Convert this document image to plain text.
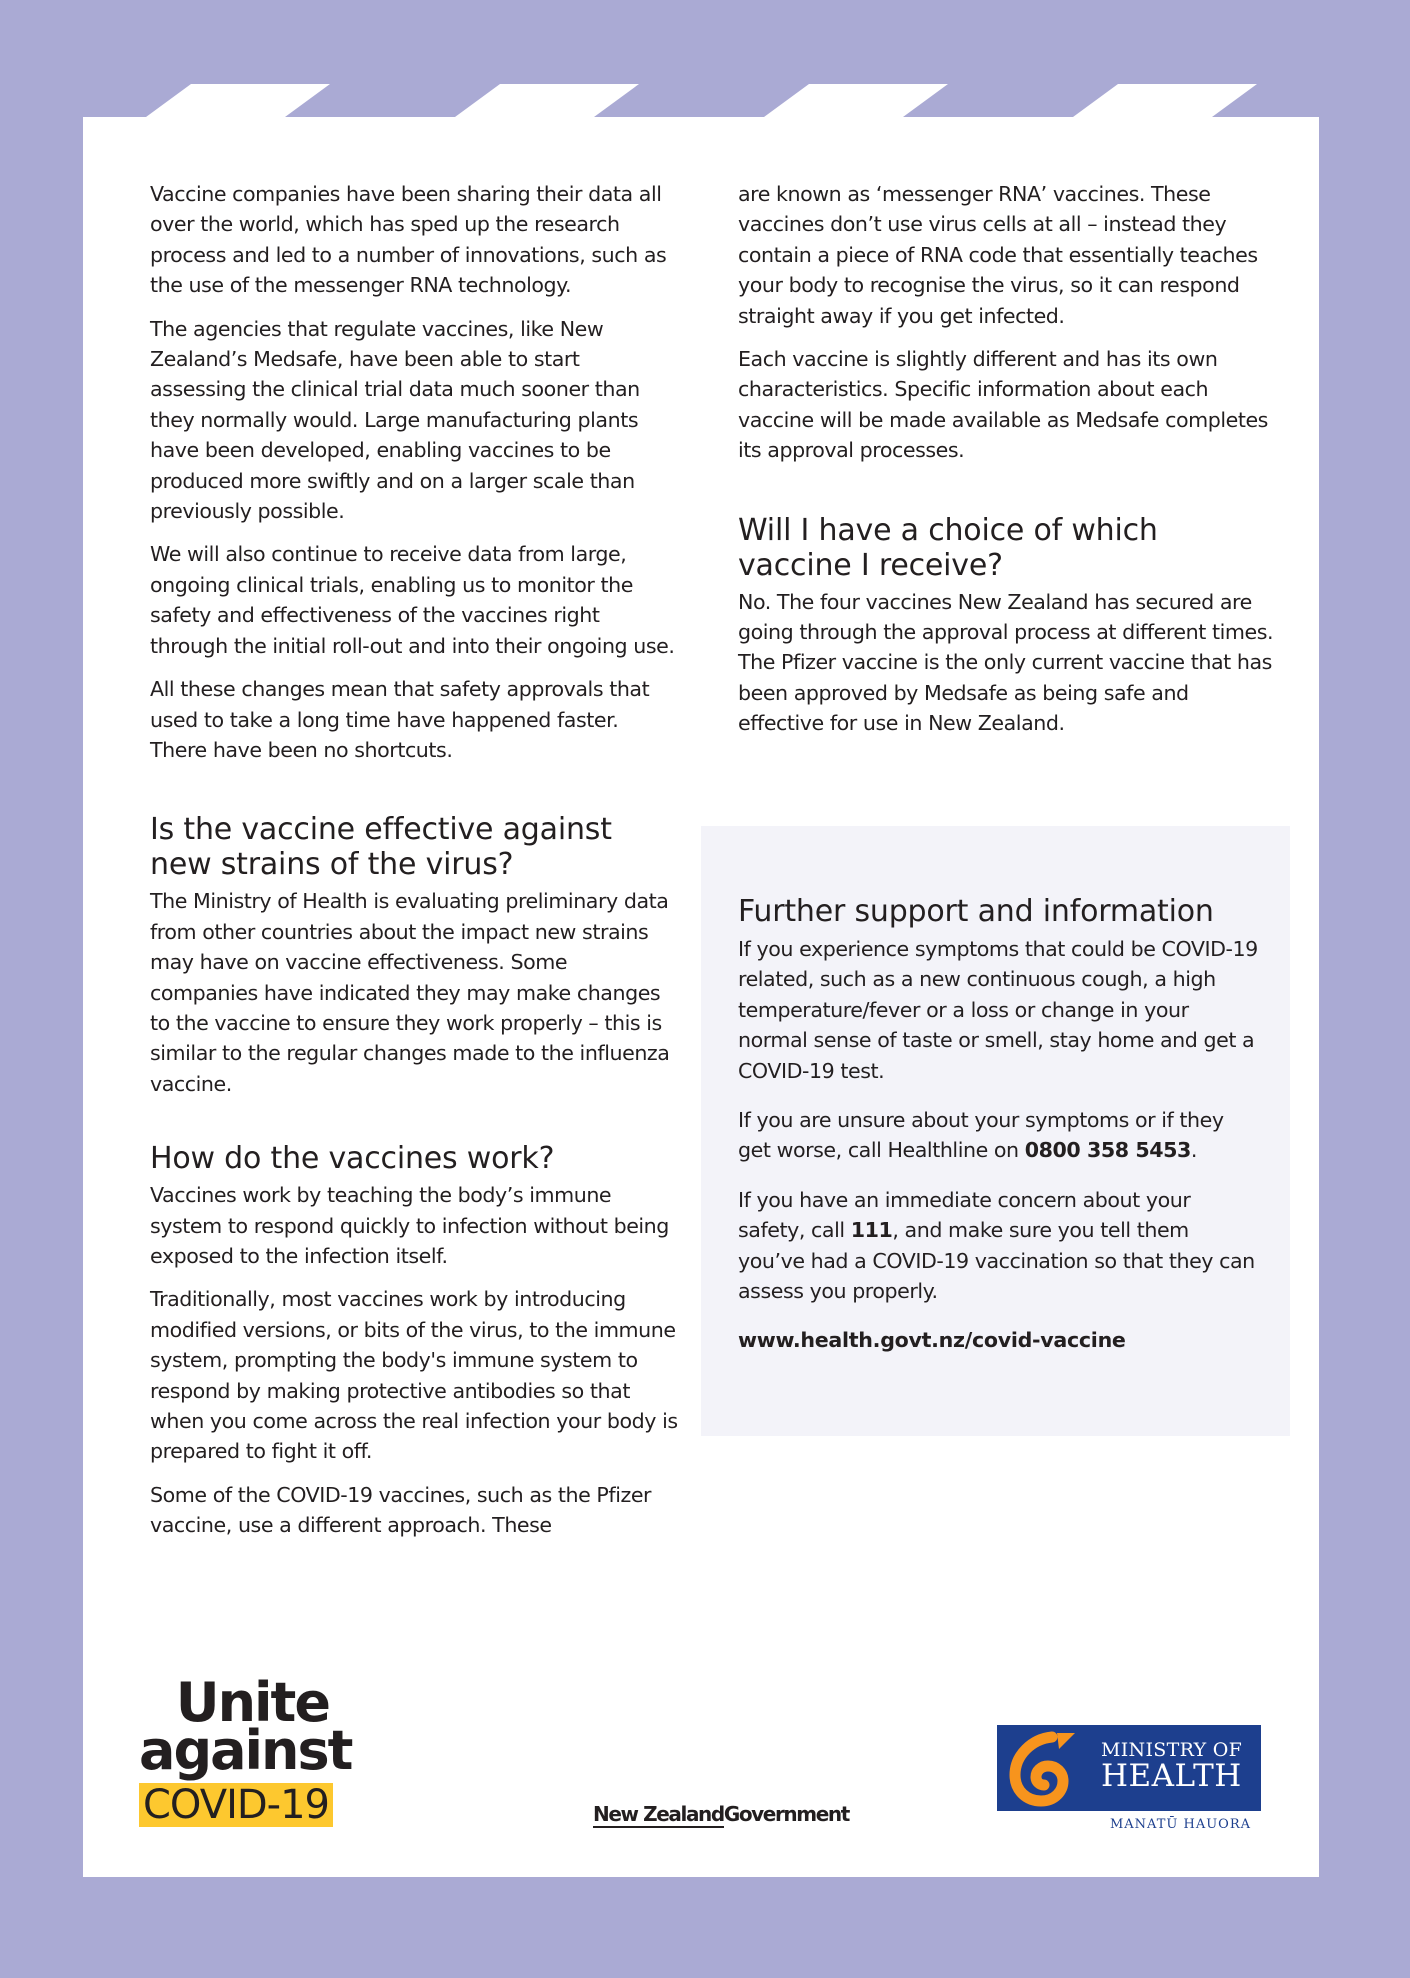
Vaccine companies have been sharing their data all over the world, which has sped up the research process and led to a number of innovations, such as the use of the messenger RNA technology.

The agencies that regulate vaccines, like New Zealand’s Medsafe, have been able to start assessing the clinical trial data much sooner than they normally would. Large manufacturing plants have been developed, enabling vaccines to be produced more swiftly and on a larger scale than previously possible.

We will also continue to receive data from large, ongoing clinical trials, enabling us to monitor the safety and effectiveness of the vaccines right through the initial roll-out and into their ongoing use.

All these changes mean that safety approvals that used to take a long time have happened faster. There have been no shortcuts.

Is the vaccine effective against new strains of the virus?

The Ministry of Health is evaluating preliminary data from other countries about the impact new strains may have on vaccine effectiveness. Some companies have indicated they may make changes to the vaccine to ensure they work properly – this is similar to the regular changes made to the influenza vaccine.

How do the vaccines work?

Vaccines work by teaching the body’s immune system to respond quickly to infection without being exposed to the infection itself.

Traditionally, most vaccines work by introducing modified versions, or bits of the virus, to the immune system, prompting the body's immune system to respond by making protective antibodies so that when you come across the real infection your body is prepared to fight it off.

Some of the COVID-19 vaccines, such as the Pfizer vaccine, use a different approach. These

are known as ‘messenger RNA’ vaccines. These vaccines don’t use virus cells at all – instead they contain a piece of RNA code that essentially teaches your body to recognise the virus, so it can respond straight away if you get infected.

Each vaccine is slightly different and has its own characteristics. Specific information about each vaccine will be made available as Medsafe completes its approval processes.

Will I have a choice of which vaccine I receive?

No. The four vaccines New Zealand has secured are going through the approval process at different times. The Pfizer vaccine is the only current vaccine that has been approved by Medsafe as being safe and effective for use in New Zealand.

Further support and information

If you experience symptoms that could be COVID-19 related, such as a new continuous cough, a high temperature/fever or a loss or change in your normal sense of taste or smell, stay home and get a COVID-19 test.

If you are unsure about your symptoms or if they get worse, call Healthline on 0800 358 5453.

If you have an immediate concern about your safety, call 111, and make sure you tell them you’ve had a COVID-19 vaccination so that they can assess you properly.

www.health.govt.nz/covid-vaccine

Unite
against
COVID-19	New ZealandGovernment
MINISTRY OF
HEALTH
MANATŪ HAUORA
